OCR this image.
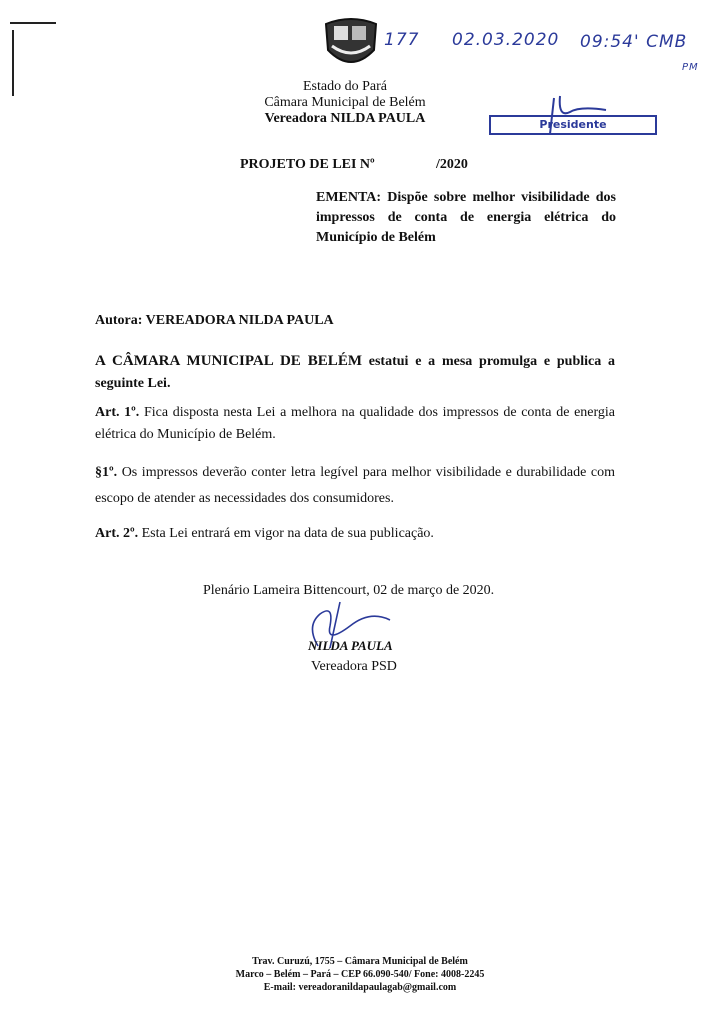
177 02.03.2020 09:54' CMB
PM
Estado do Pará
Câmara Municipal de Belém
Vereadora NILDA PAULA	Presidente
PROJETO DE LEI Nº	/2020
EMENTA: Dispõe sobre melhor visibilidade dos impressos de conta de energia elétrica do Município de Belém
Autora: VEREADORA NILDA PAULA
A CÂMARA MUNICIPAL DE BELÉM estatui e a mesa promulga e publica a seguinte Lei.
Art. 1º. Fica disposta nesta Lei a melhora na qualidade dos impressos de conta de energia elétrica do Município de Belém.
§1º. Os impressos deverão conter letra legível para melhor visibilidade e durabilidade com escopo de atender as necessidades dos consumidores.
Art. 2º. Esta Lei entrará em vigor na data de sua publicação.
Plenário Lameira Bittencourt, 02 de março de 2020.
NILDA PAULA
Vereadora PSD
Trav. Curuzú, 1755 – Câmara Municipal de Belém
Marco – Belém – Pará – CEP 66.090-540/ Fone: 4008-2245
E-mail: vereadoranildapaulagab@gmail.com
